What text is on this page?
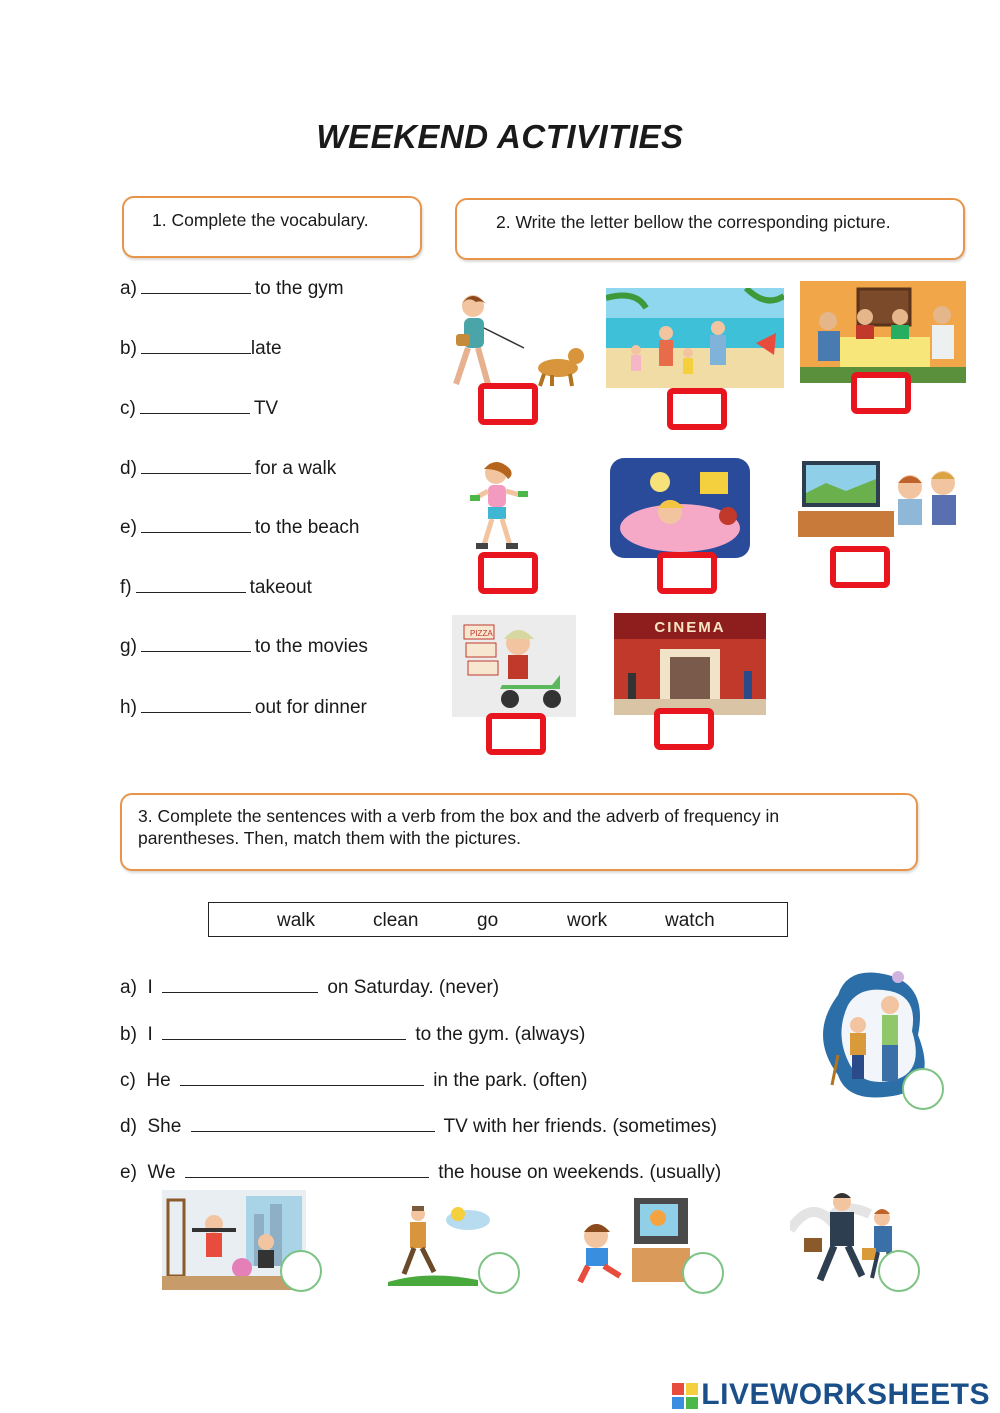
WEEKEND ACTIVITIES
1. Complete the vocabulary.	2. Write the letter bellow the corresponding picture.
a)	to the gym
b)	late
c)	TV
d)	for a walk
e)	to the beach
f)	takeout
g)	to the movies
h)	out for dinner
PIZZA	CINEMA
3. Complete the sentences with a verb from the box and the adverb of frequency in parentheses. Then, match them with the pictures.
walk	clean	go	work	watch
a) I	on Saturday. (never)
b) I	to the gym. (always)
c) He	in the park. (often)
d) She	TV with her friends. (sometimes)
e) We	the house on weekends. (usually)
LIVEWORKSHEETS
